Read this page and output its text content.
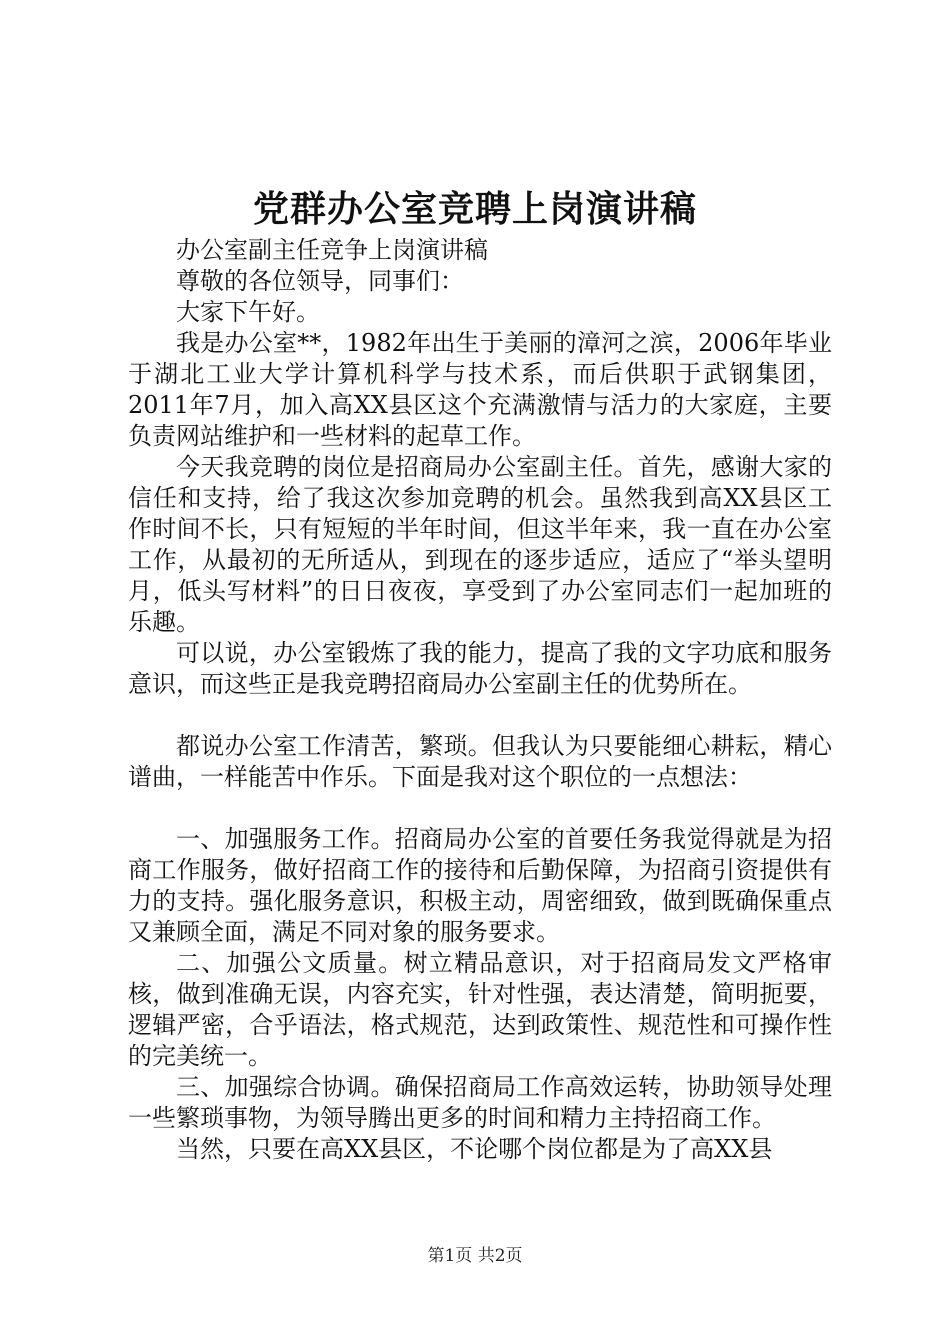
党群办公室竞聘上岗演讲稿

办公室副主任竞争上岗演讲稿

尊敬的各位领导，同事们：

大家下午好。

我是办公室**，1982年出生于美丽的漳河之滨，2006年毕业于湖北工业大学计算机科学与技术系，而后供职于武钢集团，2011年7月，加入高XX县区这个充满激情与活力的大家庭，主要负责网站维护和一些材料的起草工作。

今天我竞聘的岗位是招商局办公室副主任。首先，感谢大家的信任和支持，给了我这次参加竞聘的机会。虽然我到高XX县区工作时间不长，只有短短的半年时间，但这半年来，我一直在办公室工作，从最初的无所适从，到现在的逐步适应，适应了“举头望明月，低头写材料”的日日夜夜，享受到了办公室同志们一起加班的乐趣。

可以说，办公室锻炼了我的能力，提高了我的文字功底和服务意识，而这些正是我竞聘招商局办公室副主任的优势所在。

都说办公室工作清苦，繁琐。但我认为只要能细心耕耘，精心谱曲，一样能苦中作乐。下面是我对这个职位的一点想法：

一、加强服务工作。招商局办公室的首要任务我觉得就是为招商工作服务，做好招商工作的接待和后勤保障，为招商引资提供有力的支持。强化服务意识，积极主动，周密细致，做到既确保重点又兼顾全面，满足不同对象的服务要求。

二、加强公文质量。树立精品意识，对于招商局发文严格审核，做到准确无误，内容充实，针对性强，表达清楚，简明扼要，逻辑严密，合乎语法，格式规范，达到政策性、规范性和可操作性的完美统一。

三、加强综合协调。确保招商局工作高效运转，协助领导处理一些繁琐事物，为领导腾出更多的时间和精力主持招商工作。

当然，只要在高XX县区，不论哪个岗位都是为了高XX县

第1页 共2页
